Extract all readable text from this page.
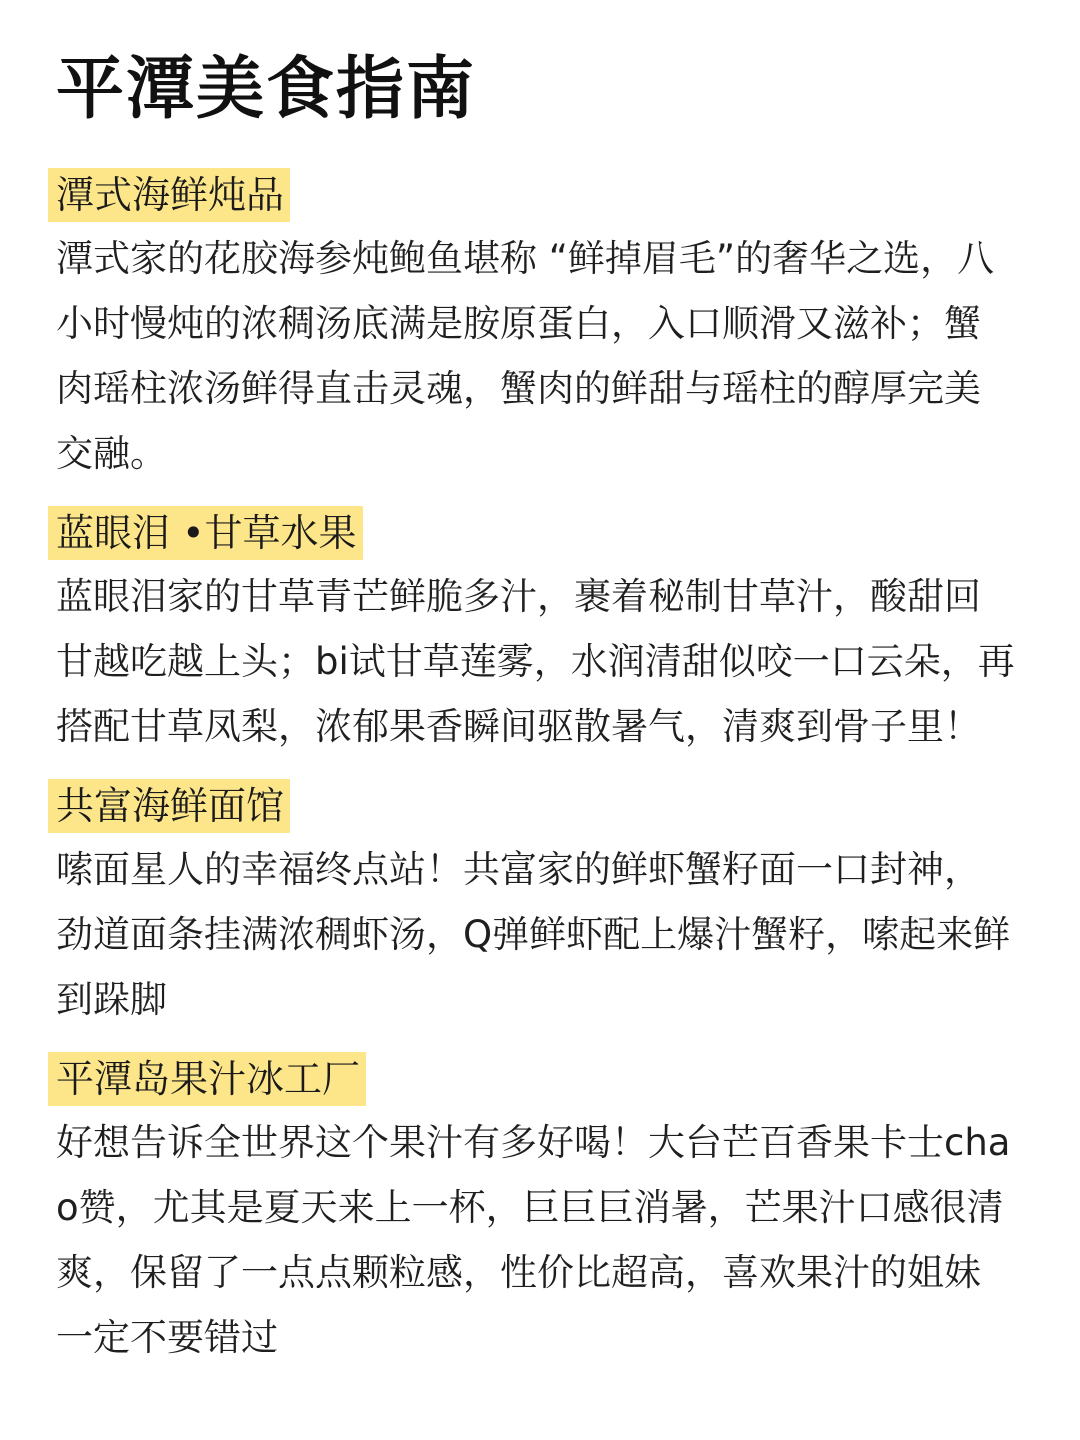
平潭美食指南
潭式海鲜炖品

潭式家的花胶海参炖鲍鱼堪称 “鲜掉眉毛”的奢华之选，八小时慢炖的浓稠汤底满是胺原蛋白，入口顺滑又滋补；蟹肉瑶柱浓汤鲜得直击灵魂，蟹肉的鲜甜与瑶柱的醇厚完美交融。

蓝眼泪 •甘草水果

蓝眼泪家的甘草青芒鲜脆多汁，裹着秘制甘草汁，酸甜回甘越吃越上头；bi试甘草莲雾，水润清甜似咬一口云朵，再搭配甘草凤梨，浓郁果香瞬间驱散暑气，清爽到骨子里！

共富海鲜面馆

嗦面星人的幸福终点站！共富家的鲜虾蟹籽面一口封神，劲道面条挂满浓稠虾汤，Q弹鲜虾配上爆汁蟹籽，嗦起来鲜到跺脚

平潭岛果汁冰工厂

好想告诉全世界这个果汁有多好喝！大台芒百香果卡士chao赞，尤其是夏天来上一杯，巨巨巨消暑，芒果汁口感很清爽，保留了一点点颗粒感，性价比超高，喜欢果汁的姐妹一定不要错过
